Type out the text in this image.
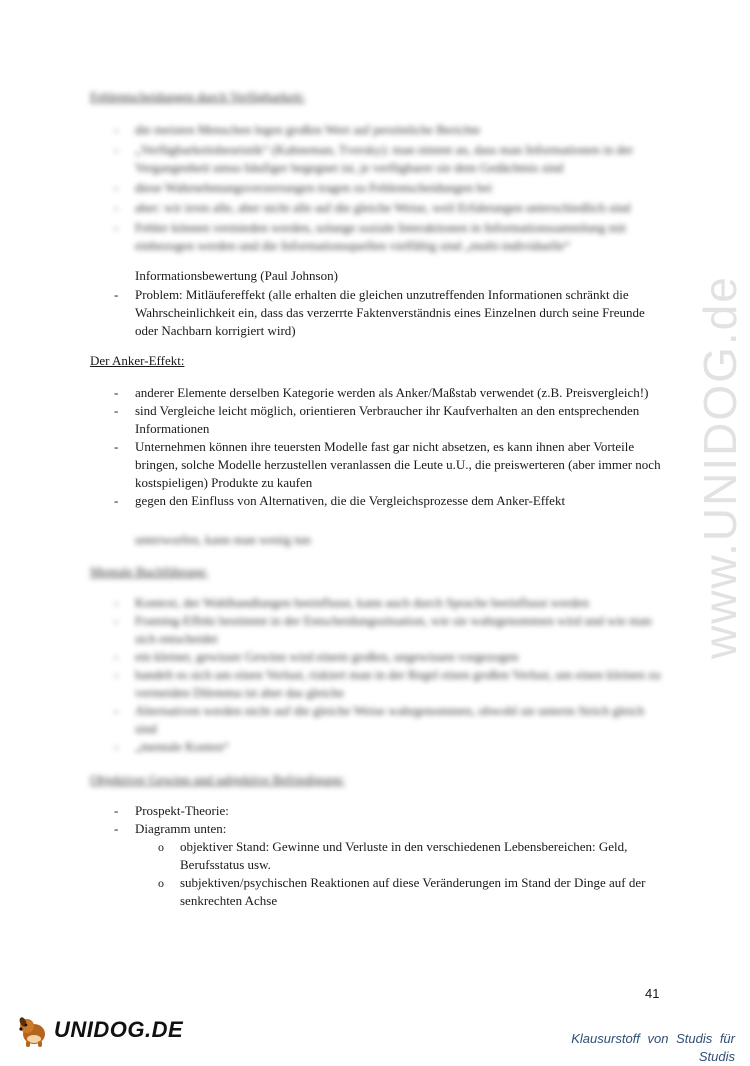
www.UNIDOG.de
Fehlentscheidungen durch Verfügbarkeit:
- die meisten Menschen legen großen Wert auf persönliche Berichte
- „Verfügbarkeitsheuristik“ (Kahneman, Tversky): man nimmt an, dass man Informationen in der Vergangenheit umso häufiger begegnet ist, je verfügbarer sie dem Gedächtnis sind
- diese Wahrnehmungsverzerrungen tragen zu Fehlentscheidungen bei
- aber: wir irren alle, aber nicht alle auf die gleiche Weise, weil Erfahrungen unterschiedlich sind
- Fehler können vermieden werden, solange soziale Interaktionen in Informationssammlung mit einbezogen werden und die Informationsquellen vielfältig sind „multi-individuelle“
Informationsbewertung (Paul Johnson)
- Problem: Mitläufereffekt (alle erhalten die gleichen unzutreffenden Informationen schränkt die Wahrscheinlichkeit ein, dass das verzerrte Faktenverständnis eines Einzelnen durch seine Freunde oder Nachbarn korrigiert wird)
Der Anker-Effekt:
- anderer Elemente derselben Kategorie werden als Anker/Maßstab verwendet (z.B. Preisvergleich!)
- sind Vergleiche leicht möglich, orientieren Verbraucher ihr Kaufverhalten an den entsprechenden Informationen
- Unternehmen können ihre teuersten Modelle fast gar nicht absetzen, es kann ihnen aber Vorteile bringen, solche Modelle herzustellen veranlassen die Leute u.U., die preiswerteren (aber immer noch kostspieligen) Produkte zu kaufen
- gegen den Einfluss von Alternativen, die die Vergleichsprozesse dem Anker-Effekt
unterworfen, kann man wenig tun
Mentale Buchführung:
- Kontext, der Wahlhandlungen beeinflusst, kann auch durch Sprache beeinflusst werden
- Framing-Effekt bestimmt in der Entscheidungssituation, wie sie wahrgenommen wird und wie man sich entscheidet
- ein kleiner, gewisser Gewinn wird einem großen, ungewissen vorgezogen
- handelt es sich um einen Verlust, riskiert man in der Regel einen großen Verlust, um einen kleinen zu vermeiden Dilemma ist aber das gleiche
- Alternativen werden nicht auf die gleiche Weise wahrgenommen, obwohl sie unterm Strich gleich sind
- „mentale Konten“
Objektiver Gewinn und subjektive Befriedigung:
- Prospekt-Theorie:
- Diagramm unten:
o objektiver Stand: Gewinne und Verluste in den verschiedenen Lebensbereichen: Geld, Berufsstatus usw.
o subjektiven/psychischen Reaktionen auf diese Veränderungen im Stand der Dinge auf der senkrechten Achse
41
UNIDOG.DE	Klausurstoff von Studis für Studis
